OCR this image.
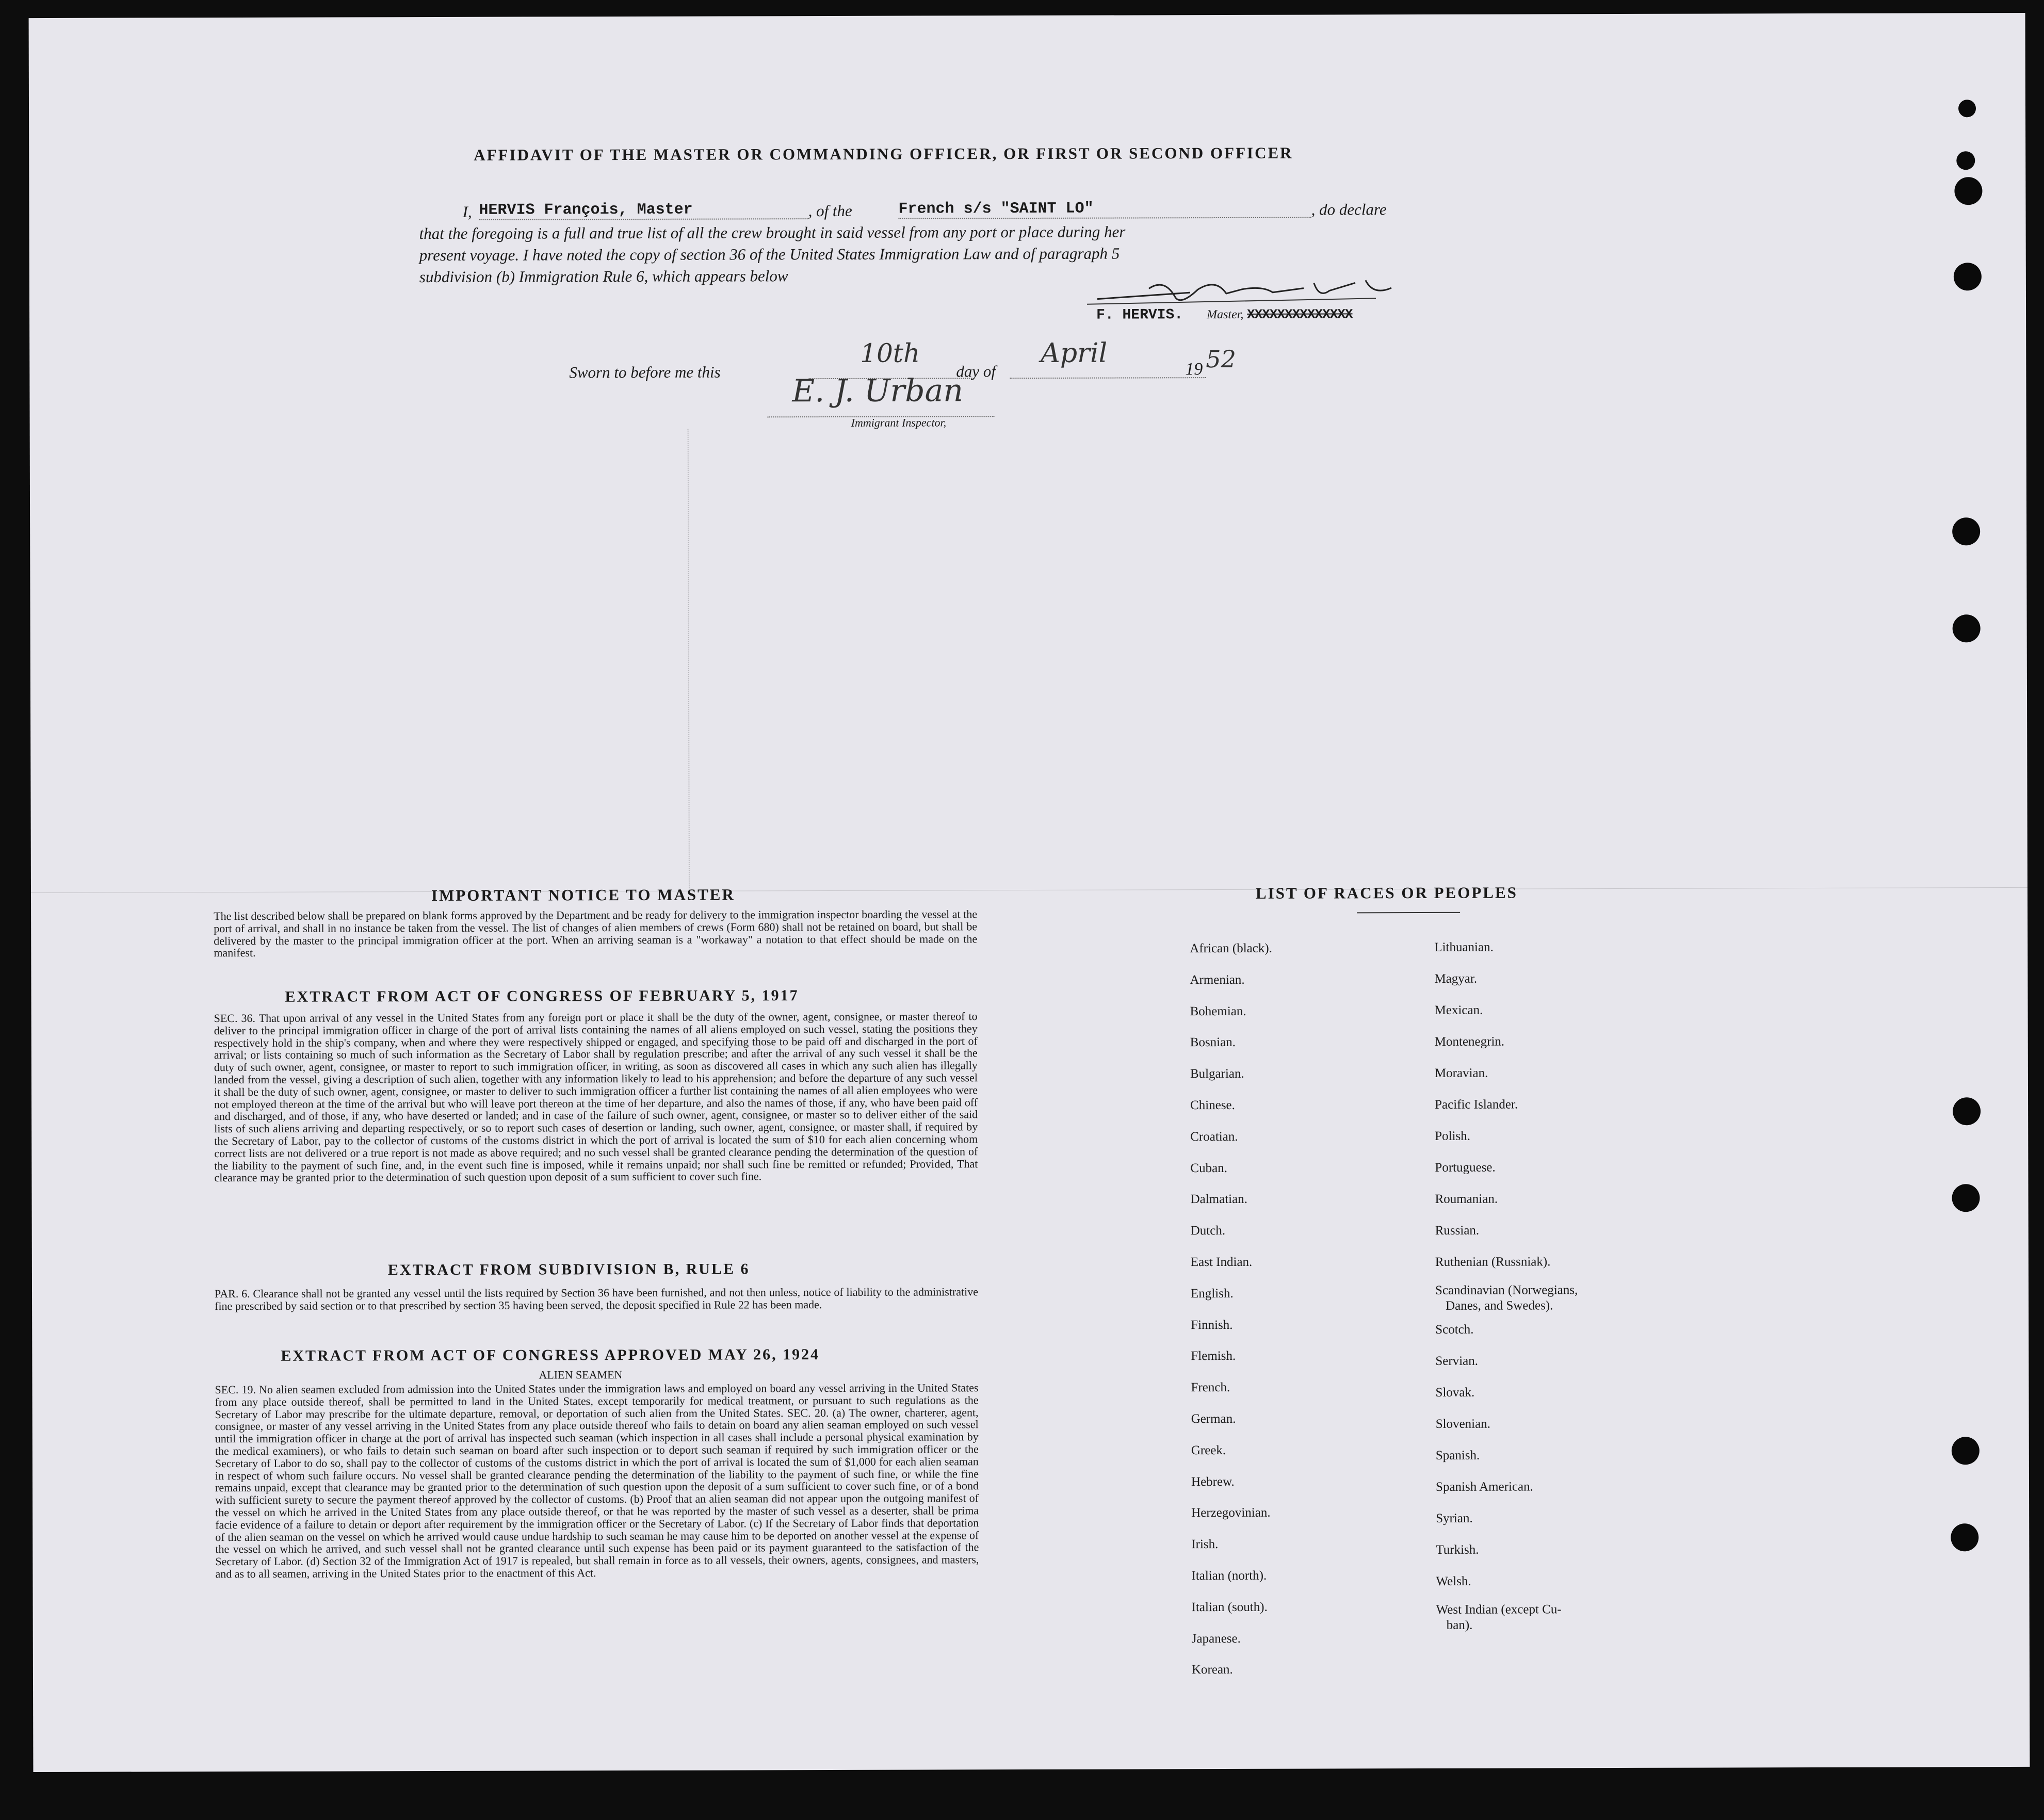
AFFIDAVIT OF THE MASTER OR COMMANDING OFFICER, OR FIRST OR SECOND OFFICER
I, HERVIS François, Master	, of the	French s/s "SAINT LO"	, do declare
that the foregoing is a full and true list of all the crew brought in said vessel from any port or place during her
present voyage. I have noted the copy of section 36 of the United States Immigration Law and of paragraph 5
subdivision (b) Immigration Rule 6, which appears below
F. HERVIS. Master, XXXXXXXXXXXXXX
Sworn to before me this
10th
day of
April
19 52
E. J. Urban
Immigrant Inspector,
IMPORTANT NOTICE TO MASTER
The list described below shall be prepared on blank forms approved by the Department and be ready for delivery to the immigration inspector boarding the vessel at the port of arrival, and shall in no instance be taken from the vessel. The list of changes of alien members of crews (Form 680) shall not be retained on board, but shall be delivered by the master to the principal immigration officer at the port. When an arriving seaman is a "workaway" a notation to that effect should be made on the manifest.
EXTRACT FROM ACT OF CONGRESS OF FEBRUARY 5, 1917
SEC. 36. That upon arrival of any vessel in the United States from any foreign port or place it shall be the duty of the owner, agent, consignee, or master thereof to deliver to the principal immigration officer in charge of the port of arrival lists containing the names of all aliens employed on such vessel, stating the positions they respectively hold in the ship's company, when and where they were respectively shipped or engaged, and specifying those to be paid off and discharged in the port of arrival; or lists containing so much of such information as the Secretary of Labor shall by regulation prescribe; and after the arrival of any such vessel it shall be the duty of such owner, agent, consignee, or master to report to such immigration officer, in writing, as soon as discovered all cases in which any such alien has illegally landed from the vessel, giving a description of such alien, together with any information likely to lead to his apprehension; and before the departure of any such vessel it shall be the duty of such owner, agent, consignee, or master to deliver to such immigration officer a further list containing the names of all alien employees who were not employed thereon at the time of the arrival but who will leave port thereon at the time of her departure, and also the names of those, if any, who have been paid off and discharged, and of those, if any, who have deserted or landed; and in case of the failure of such owner, agent, consignee, or master so to deliver either of the said lists of such aliens arriving and departing respectively, or so to report such cases of desertion or landing, such owner, agent, consignee, or master shall, if required by the Secretary of Labor, pay to the collector of customs of the customs district in which the port of arrival is located the sum of $10 for each alien concerning whom correct lists are not delivered or a true report is not made as above required; and no such vessel shall be granted clearance pending the determination of the question of the liability to the payment of such fine, and, in the event such fine is imposed, while it remains unpaid; nor shall such fine be remitted or refunded; Provided, That clearance may be granted prior to the determination of such question upon deposit of a sum sufficient to cover such fine.
EXTRACT FROM SUBDIVISION B, RULE 6
PAR. 6. Clearance shall not be granted any vessel until the lists required by Section 36 have been furnished, and not then unless, notice of liability to the administrative fine prescribed by said section or to that prescribed by section 35 having been served, the deposit specified in Rule 22 has been made.
EXTRACT FROM ACT OF CONGRESS APPROVED MAY 26, 1924
ALIEN SEAMEN
SEC. 19. No alien seamen excluded from admission into the United States under the immigration laws and employed on board any vessel arriving in the United States from any place outside thereof, shall be permitted to land in the United States, except temporarily for medical treatment, or pursuant to such regulations as the Secretary of Labor may prescribe for the ultimate departure, removal, or deportation of such alien from the United States. SEC. 20. (a) The owner, charterer, agent, consignee, or master of any vessel arriving in the United States from any place outside thereof who fails to detain on board any alien seaman employed on such vessel until the immigration officer in charge at the port of arrival has inspected such seaman (which inspection in all cases shall include a personal physical examination by the medical examiners), or who fails to detain such seaman on board after such inspection or to deport such seaman if required by such immigration officer or the Secretary of Labor to do so, shall pay to the collector of customs of the customs district in which the port of arrival is located the sum of $1,000 for each alien seaman in respect of whom such failure occurs. No vessel shall be granted clearance pending the determination of the liability to the payment of such fine, or while the fine remains unpaid, except that clearance may be granted prior to the determination of such question upon the deposit of a sum sufficient to cover such fine, or of a bond with sufficient surety to secure the payment thereof approved by the collector of customs. (b) Proof that an alien seaman did not appear upon the outgoing manifest of the vessel on which he arrived in the United States from any place outside thereof, or that he was reported by the master of such vessel as a deserter, shall be prima facie evidence of a failure to detain or deport after requirement by the immigration officer or the Secretary of Labor. (c) If the Secretary of Labor finds that deportation of the alien seaman on the vessel on which he arrived would cause undue hardship to such seaman he may cause him to be deported on another vessel at the expense of the vessel on which he arrived, and such vessel shall not be granted clearance until such expense has been paid or its payment guaranteed to the satisfaction of the Secretary of Labor. (d) Section 32 of the Immigration Act of 1917 is repealed, but shall remain in force as to all vessels, their owners, agents, consignees, and masters, and as to all seamen, arriving in the United States prior to the enactment of this Act.
LIST OF RACES OR PEOPLES
African (black).
Armenian.
Bohemian.
Bosnian.
Bulgarian.
Chinese.
Croatian.
Cuban.
Dalmatian.
Dutch.
East Indian.
English.
Finnish.
Flemish.
French.
German.
Greek.
Hebrew.
Herzegovinian.
Irish.
Italian (north).
Italian (south).
Japanese.
Korean.
Lithuanian.
Magyar.
Mexican.
Montenegrin.
Moravian.
Pacific Islander.
Polish.
Portuguese.
Roumanian.
Russian.
Ruthenian (Russniak).
Scandinavian (Norwegians,
Danes, and Swedes).
Scotch.
Servian.
Slovak.
Slovenian.
Spanish.
Spanish American.
Syrian.
Turkish.
Welsh.
West Indian (except Cu-
ban).
